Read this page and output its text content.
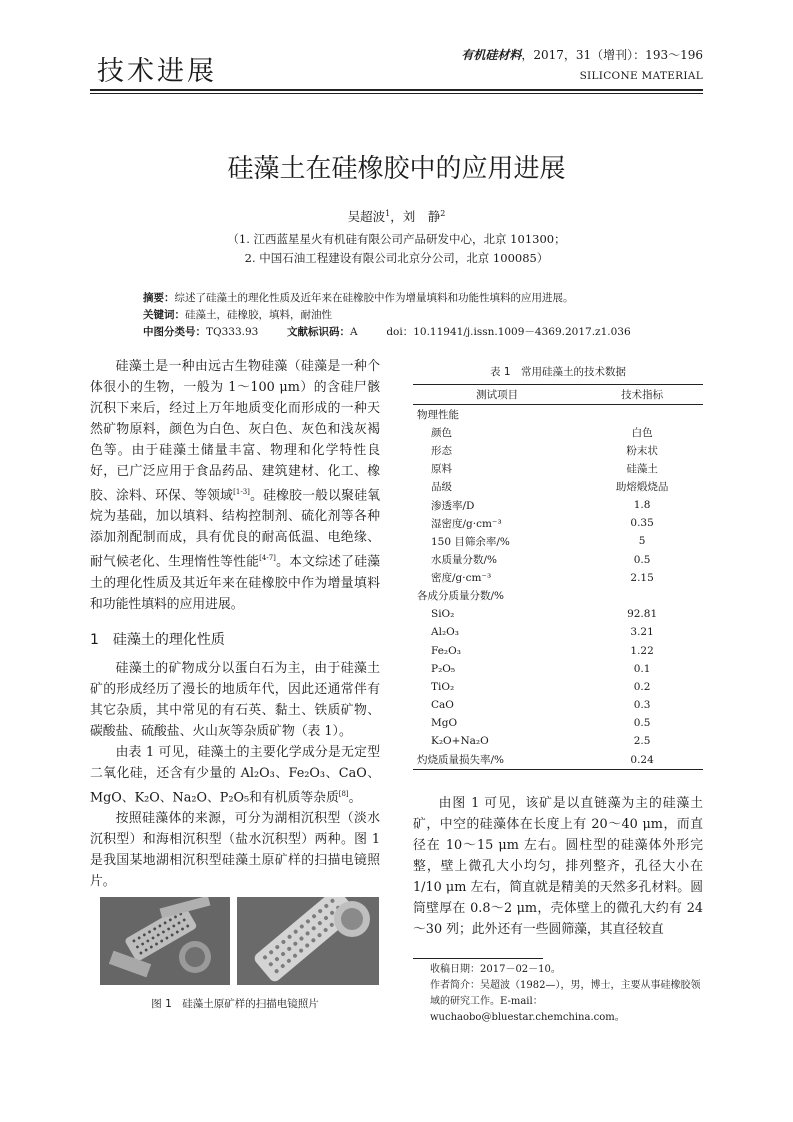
技术进展
有机硅材料，2017，31（增刊）：193～196
SILICONE MATERIAL
硅藻土在硅橡胶中的应用进展
吴超波$^1$，刘　静$^2$
（1. 江西蓝星星火有机硅有限公司产品研发中心，北京 101300；
2. 中国石油工程建设有限公司北京分公司，北京 100085）
摘要：综述了硅藻土的理化性质及近年来在硅橡胶中作为增量填料和功能性填料的应用进展。
关键词：硅藻土，硅橡胶，填料，耐油性
中图分类号：TQ333.93	文献标识码：A	doi：10.11941/j.issn.1009－4369.2017.z1.036

硅藻土是一种由远古生物硅藻（硅藻是一种个体很小的生物，一般为 1～100 μm）的含硅尸骸沉积下来后，经过上万年地质变化而形成的一种天然矿物原料，颜色为白色、灰白色、灰色和浅灰褐色等。由于硅藻土储量丰富、物理和化学特性良好，已广泛应用于食品药品、建筑建材、化工、橡胶、涂料、环保、等领域[1-3]。硅橡胶一般以聚硅氧烷为基础，加以填料、结构控制剂、硫化剂等各种添加剂配制而成，具有优良的耐高低温、电绝缘、耐气候老化、生理惰性等性能[4-7]。本文综述了硅藻土的理化性质及其近年来在硅橡胶中作为增量填料和功能性填料的应用进展。

1　硅藻土的理化性质

硅藻土的矿物成分以蛋白石为主，由于硅藻土矿的形成经历了漫长的地质年代，因此还通常伴有其它杂质，其中常见的有石英、黏土、铁质矿物、碳酸盐、硫酸盐、火山灰等杂质矿物（表 1）。

由表 1 可见，硅藻土的主要化学成分是无定型二氧化硅，还含有少量的 Al₂O₃、Fe₂O₃、CaO、MgO、K₂O、Na₂O、P₂O₅和有机质等杂质[8]。

按照硅藻体的来源，可分为湖相沉积型（淡水沉积型）和海相沉积型（盐水沉积型）两种。图 1 是我国某地湖相沉积型硅藻土原矿样的扫描电镜照片。

图 1　硅藻土原矿样的扫描电镜照片
表 1　常用硅藻土的技术数据
测试项目	技术指标
物理性能	
颜色	白色
形态	粉末状
原料	硅藻土
品级	助熔煅烧品
渗透率/D	1.8
湿密度/g·cm⁻³	0.35
150 目筛余率/%	5
水质量分数/%	0.5
密度/g·cm⁻³	2.15
各成分质量分数/%	
SiO₂	92.81
Al₂O₃	3.21
Fe₂O₃	1.22
P₂O₅	0.1
TiO₂	0.2
CaO	0.3
MgO	0.5
K₂O+Na₂O	2.5
灼烧质量损失率/%	0.24

由图 1 可见，该矿是以直链藻为主的硅藻土矿，中空的硅藻体在长度上有 20～40 μm，而直径在 10～15 μm 左右。圆柱型的硅藻体外形完整，壁上微孔大小均匀，排列整齐，孔径大小在 1/10 μm 左右，简直就是精美的天然多孔材料。圆筒壁厚在 0.8～2 μm，壳体壁上的微孔大约有 24～30 列；此外还有一些圆筛藻，其直径较直

收稿日期：2017－02－10。
作者简介：吴超波（1982—），男，博士，主要从事硅橡胶领域的研究工作。E-mail：wuchaobo@bluestar.chemchina.com。
